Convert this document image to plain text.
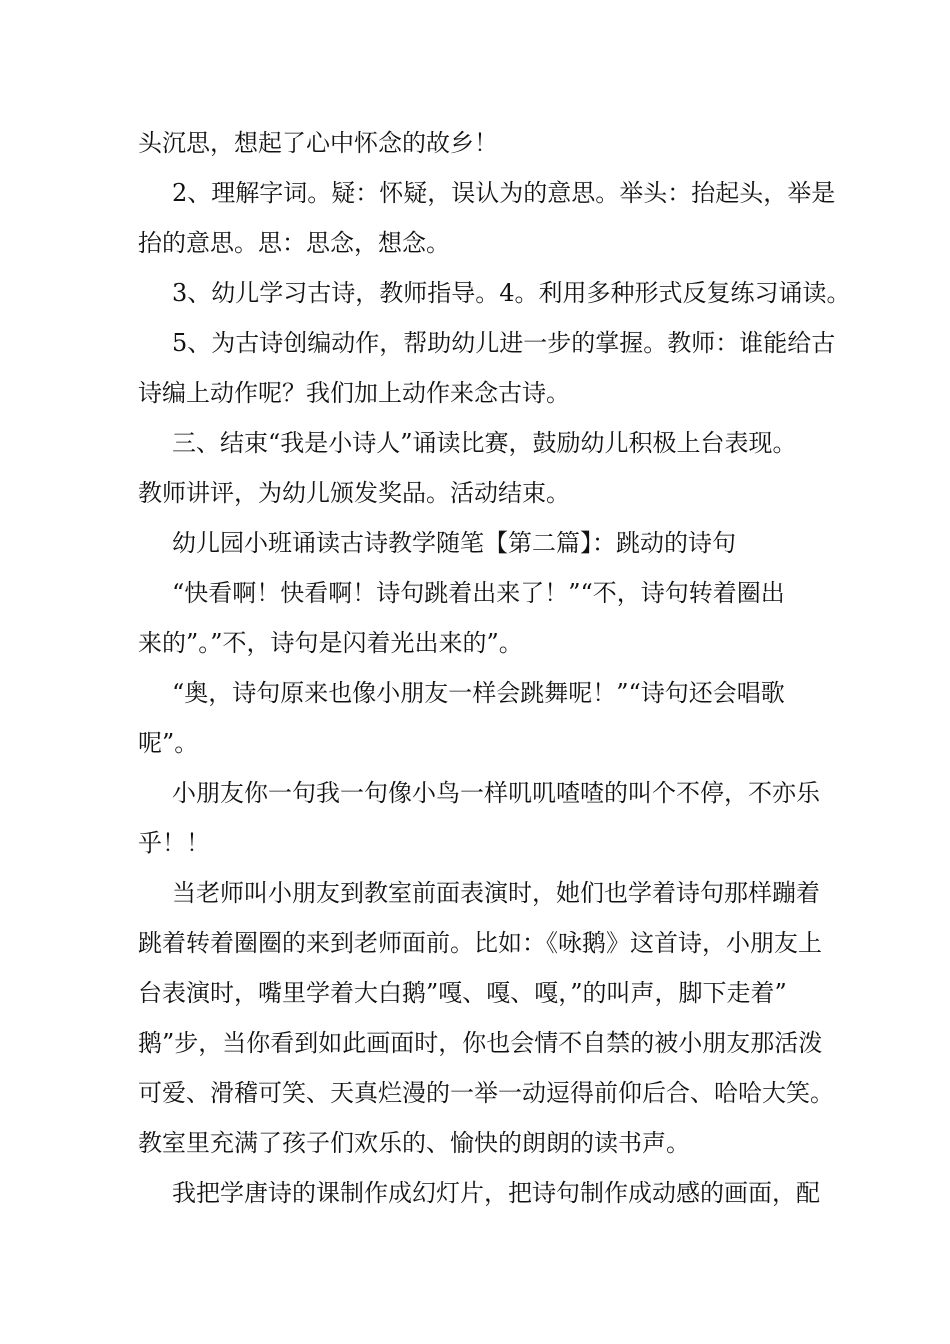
头沉思，想起了心中怀念的故乡！
2、理解字词。疑：怀疑，误认为的意思。举头：抬起头，举是
抬的意思。思：思念，想念。
3、幼儿学习古诗，教师指导。4。利用多种形式反复练习诵读。
5、为古诗创编动作，帮助幼儿进一步的掌握。教师：谁能给古
诗编上动作呢？我们加上动作来念古诗。
三、结束“我是小诗人”诵读比赛，鼓励幼儿积极上台表现。
教师讲评，为幼儿颁发奖品。活动结束。
幼儿园小班诵读古诗教学随笔【第二篇】：跳动的诗句
“快看啊！快看啊！诗句跳着出来了！”“不，诗句转着圈出
来的”。”不，诗句是闪着光出来的”。
“奥，诗句原来也像小朋友一样会跳舞呢！”“诗句还会唱歌
呢”。
小朋友你一句我一句像小鸟一样叽叽喳喳的叫个不停，不亦乐
乎！！
当老师叫小朋友到教室前面表演时，她们也学着诗句那样蹦着
跳着转着圈圈的来到老师面前。比如：《咏鹅》这首诗，小朋友上
台表演时，嘴里学着大白鹅”嘎、嘎、嘎，”的叫声，脚下走着”
鹅”步，当你看到如此画面时，你也会情不自禁的被小朋友那活泼
可爱、滑稽可笑、天真烂漫的一举一动逗得前仰后合、哈哈大笑。
教室里充满了孩子们欢乐的、愉快的朗朗的读书声。
我把学唐诗的课制作成幻灯片，把诗句制作成动感的画面，配
